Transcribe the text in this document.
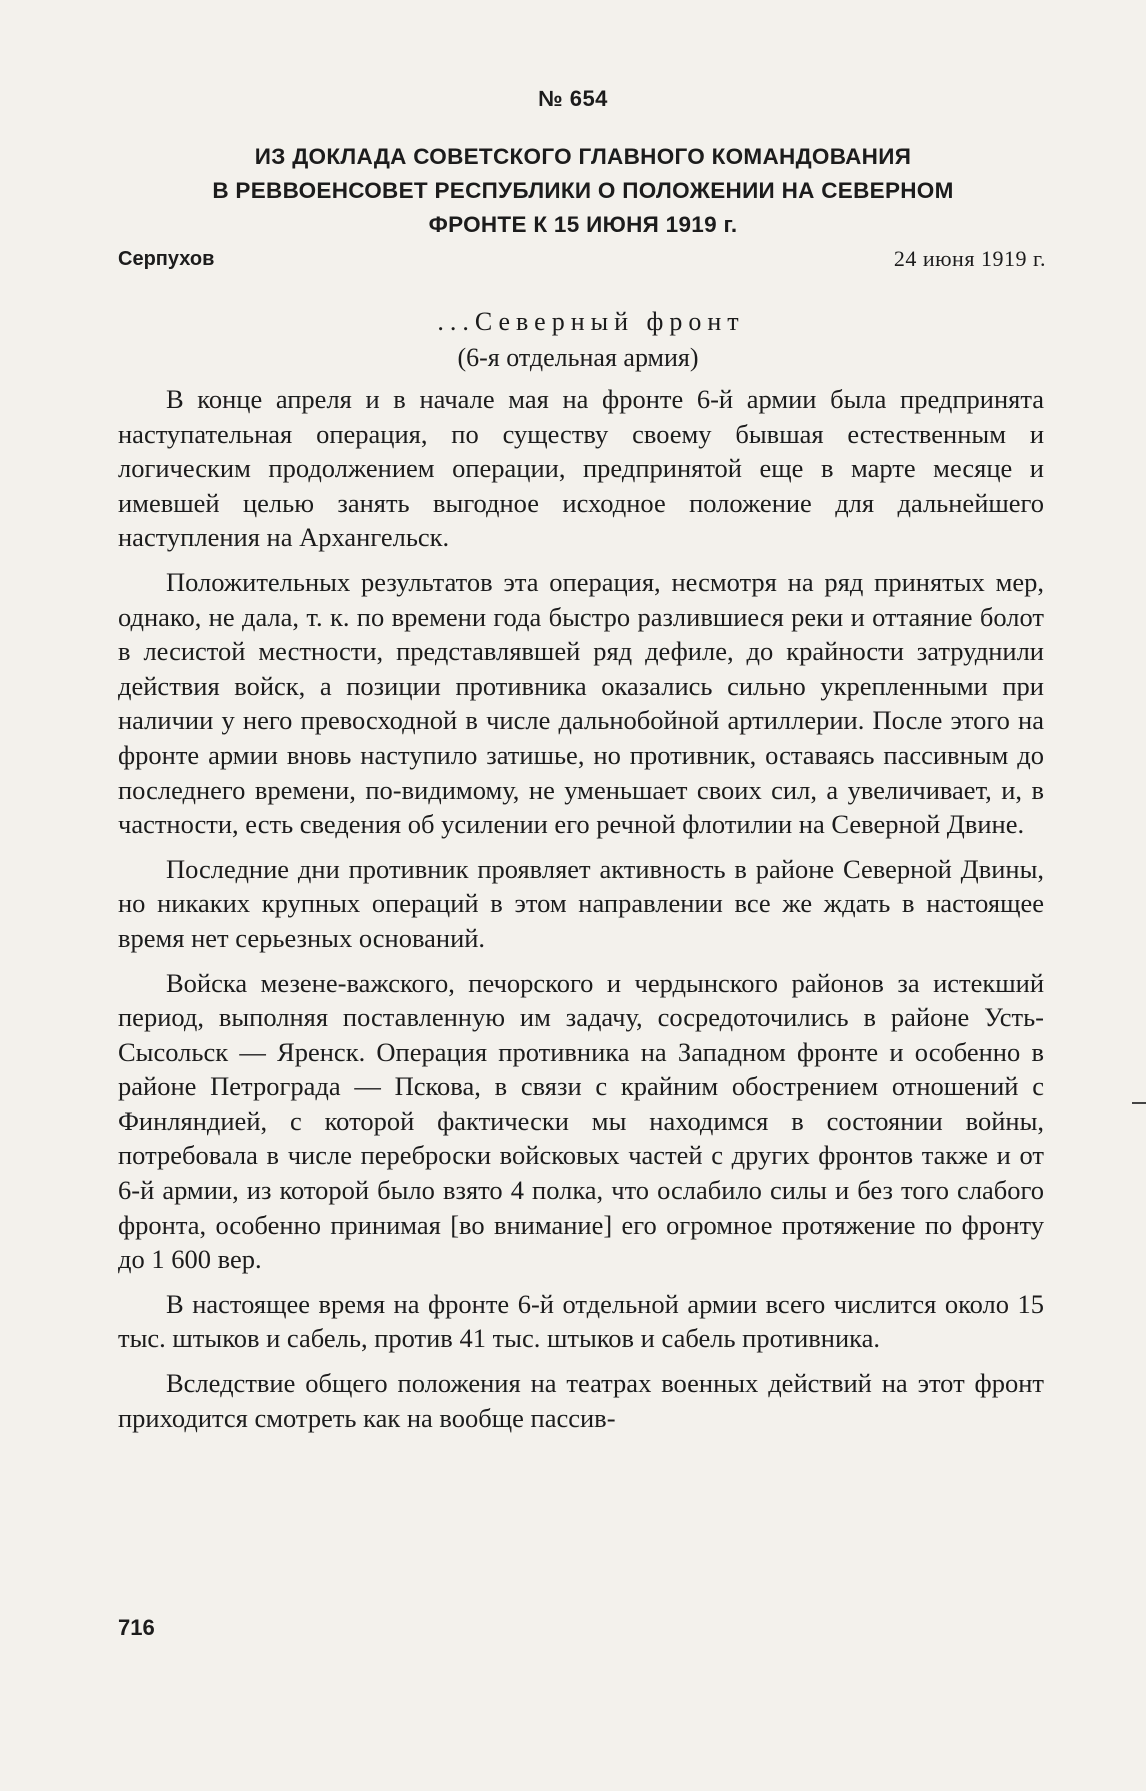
№ 654
ИЗ ДОКЛАДА СОВЕТСКОГО ГЛАВНОГО КОМАНДОВАНИЯ
В РЕВВОЕНСОВЕТ РЕСПУБЛИКИ О ПОЛОЖЕНИИ НА СЕВЕРНОМ
ФРОНТЕ К 15 ИЮНЯ 1919 г.
Серпухов	24 июня 1919 г.
...Северный фронт
(6-я отдельная армия)

В конце апреля и в начале мая на фронте 6-й армии была предпринята наступательная операция, по существу своему бывшая естественным и логическим продолжением операции, предпринятой еще в марте месяце и имевшей целью занять выгодное исходное положение для дальнейшего наступления на Архангельск.

Положительных результатов эта операция, несмотря на ряд принятых мер, однако, не дала, т. к. по времени года быстро разлившиеся реки и оттаяние болот в лесистой местности, представлявшей ряд дефиле, до крайности затруднили действия войск, а позиции противника оказались сильно укрепленными при наличии у него превосходной в числе дальнобойной артиллерии. После этого на фронте армии вновь наступило затишье, но противник, оставаясь пассивным до последнего времени, по-видимому, не уменьшает своих сил, а увеличивает, и, в частности, есть сведения об усилении его речной флотилии на Северной Двине.

Последние дни противник проявляет активность в районе Северной Двины, но никаких крупных операций в этом направлении все же ждать в настоящее время нет серьезных оснований.

Войска мезене-важского, печорского и чердынского районов за истекший период, выполняя поставленную им задачу, сосредоточились в районе Усть-Сысольск — Яренск. Операция противника на Западном фронте и особенно в районе Петрограда — Пскова, в связи с крайним обострением отношений с Финляндией, с которой фактически мы находимся в состоянии войны, потребовала в числе переброски войсковых частей с других фронтов также и от 6-й армии, из которой было взято 4 полка, что ослабило силы и без того слабого фронта, особенно принимая [во внимание] его огромное протяжение по фронту до 1 600 вер.

В настоящее время на фронте 6-й отдельной армии всего числится около 15 тыс. штыков и сабель, против 41 тыс. штыков и сабель противника.

Вследствие общего положения на театрах военных действий на этот фронт приходится смотреть как на вообще пассив-

716
